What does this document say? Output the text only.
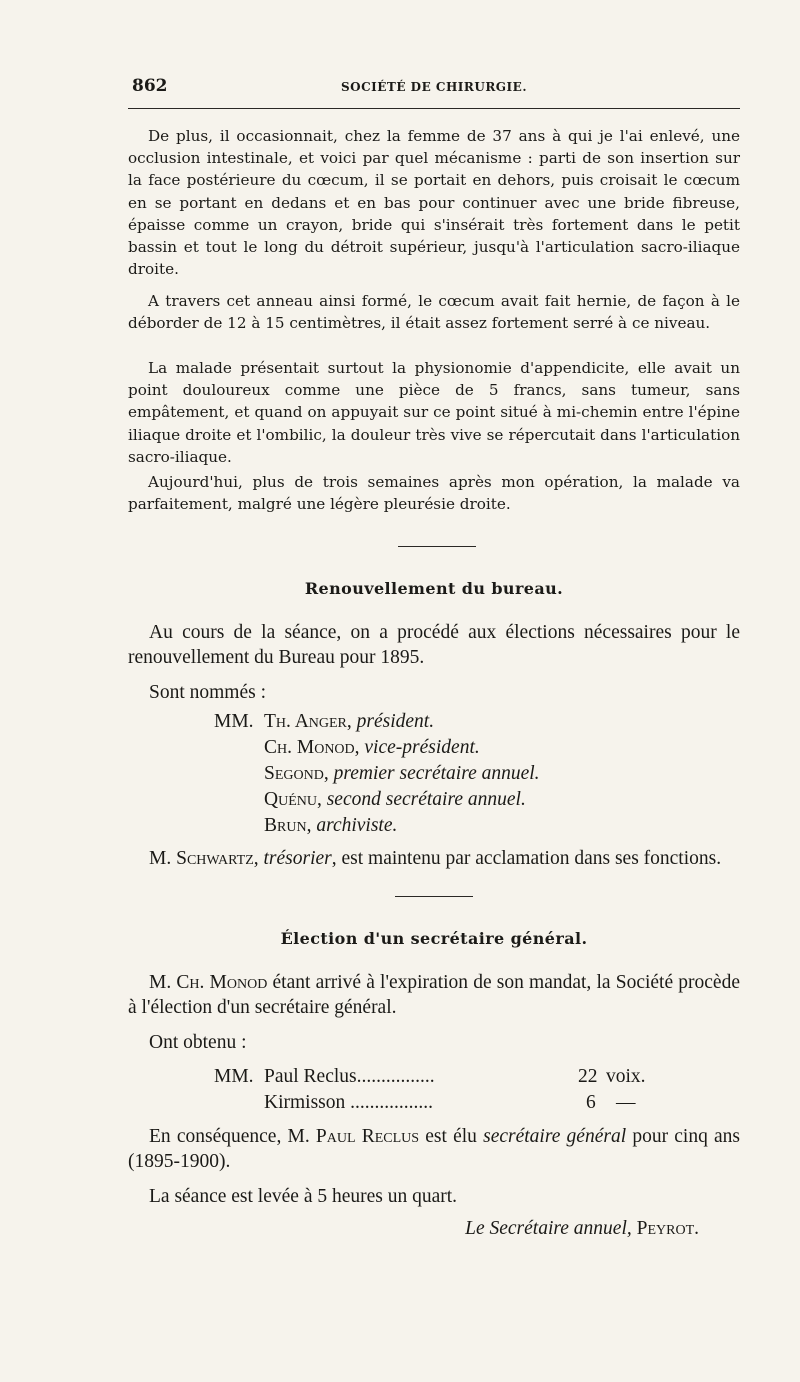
862	SOCIÉTÉ DE CHIRURGIE.

De plus, il occasionnait, chez la femme de 37 ans à qui je l'ai enlevé, une occlusion intestinale, et voici par quel mécanisme : parti de son insertion sur la face postérieure du cœcum, il se portait en dehors, puis croisait le cœcum en se portant en dedans et en bas pour continuer avec une bride fibreuse, épaisse comme un crayon, bride qui s'insérait très fortement dans le petit bassin et tout le long du détroit supérieur, jusqu'à l'articulation sacro-iliaque droite.

A travers cet anneau ainsi formé, le cœcum avait fait hernie, de façon à le déborder de 12 à 15 centimètres, il était assez fortement serré à ce niveau.

La malade présentait surtout la physionomie d'appendicite, elle avait un point douloureux comme une pièce de 5 francs, sans tumeur, sans empâtement, et quand on appuyait sur ce point situé à mi-chemin entre l'épine iliaque droite et l'ombilic, la douleur très vive se répercutait dans l'articulation sacro-iliaque.

Aujourd'hui, plus de trois semaines après mon opération, la malade va parfaitement, malgré une légère pleurésie droite.

Renouvellement du bureau.

Au cours de la séance, on a procédé aux élections nécessaires pour le renouvellement du Bureau pour 1895.

Sont nommés :

MM. Th. Anger, président.
Ch. Monod, vice-président.
Segond, premier secrétaire annuel.
Quénu, second secrétaire annuel.
Brun, archiviste.

M. Schwartz, trésorier, est maintenu par acclamation dans ses fonctions.

Élection d'un secrétaire général.

M. Ch. Monod étant arrivé à l'expiration de son mandat, la Société procède à l'élection d'un secrétaire général.

Ont obtenu :

MM. Paul Reclus................	22 voix.
Kirmisson .................	6 —

En conséquence, M. Paul Reclus est élu secrétaire général pour cinq ans (1895-1900).

La séance est levée à 5 heures un quart.

Le Secrétaire annuel, Peyrot.
